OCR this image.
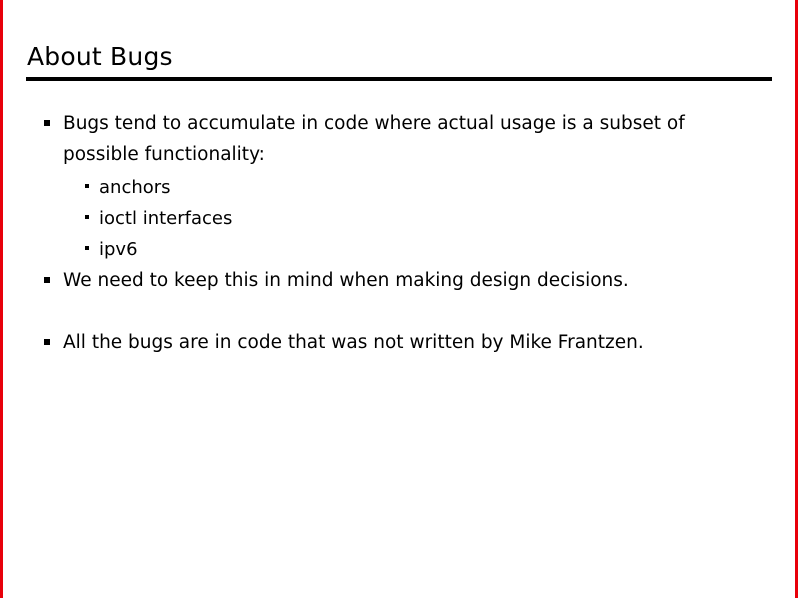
About Bugs
Bugs tend to accumulate in code where actual usage is a subset of possible functionality:
anchors
ioctl interfaces
ipv6
We need to keep this in mind when making design decisions.
All the bugs are in code that was not written by Mike Frantzen.
